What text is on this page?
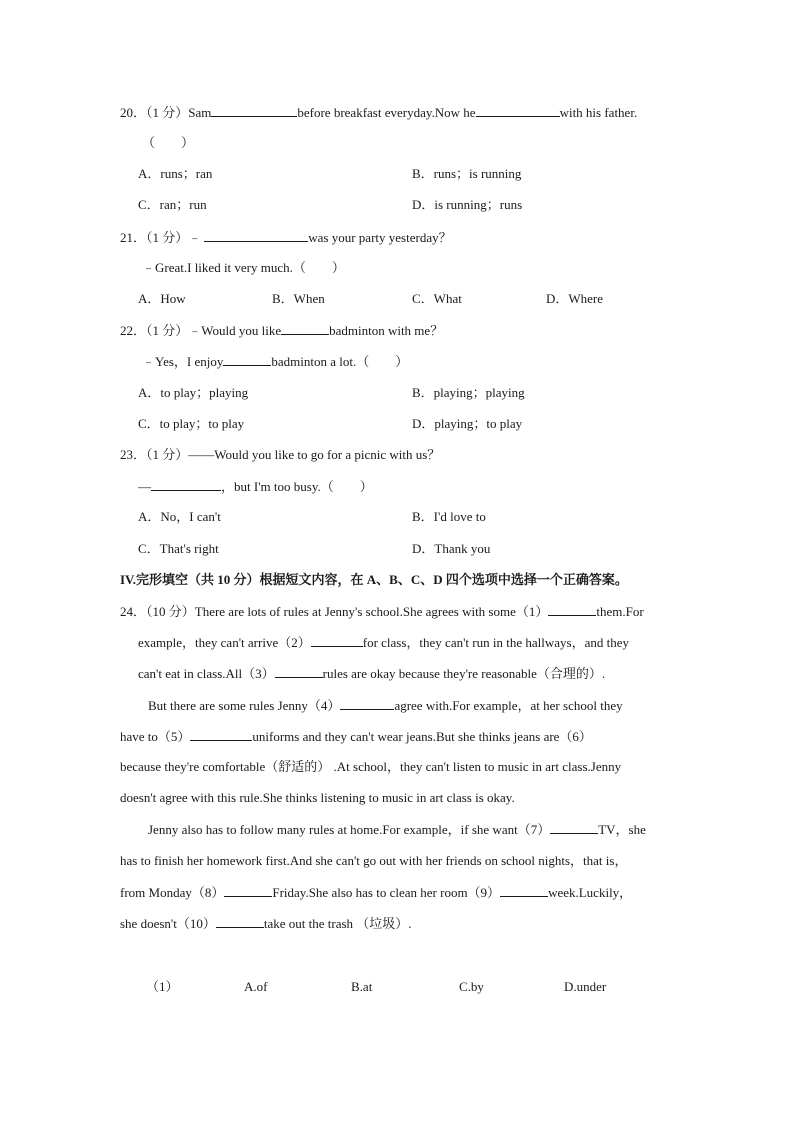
20．（1 分）Sam	before breakfast everyday.Now he	with his father.
（　　）
A．runs；ran	B．runs；is running
C．ran；run	D．is running；runs
21．（1 分）﹣	was your party yesterday？
﹣Great.I liked it very much.（　　）
A．How	B．When	C．What	D．Where
22．（1 分）﹣Would you like	badminton with me？
﹣Yes，I enjoy	badminton a lot.（　　）
A．to play；playing	B．playing；playing
C．to play；to play	D．playing；to play
23．（1 分）——Would you like to go for a picnic with us？
—	，but I'm too busy.（　　）
A．No，I can't	B．I'd love to
C．That's right	D．Thank you
IV.完形填空（共 10 分）根据短文内容，在 A、B、C、D 四个选项中选择一个正确答案。
24．（10 分）There are lots of rules at Jenny's school.She agrees with some（1）	them.For
example，they can't arrive（2）	for class，they can't run in the hallways，and they
can't eat in class.All（3）	rules are okay because they're reasonable（合理的）.
But there are some rules Jenny（4）	agree with.For example，at her school they
have to（5）	uniforms and they can't wear jeans.But she thinks jeans are（6）
because they're comfortable（舒适的） .At school，they can't listen to music in art class.Jenny
doesn't agree with this rule.She thinks listening to music in art class is okay.
Jenny also has to follow many rules at home.For example，if she want（7）	TV，she
has to finish her homework first.And she can't go out with her friends on school nights，that is，
from Monday（8）	Friday.She also has to clean her room（9）	week.Luckily，
she doesn't（10）	take out the trash （垃圾）.
（1）	A.of	B.at	C.by	D.under
